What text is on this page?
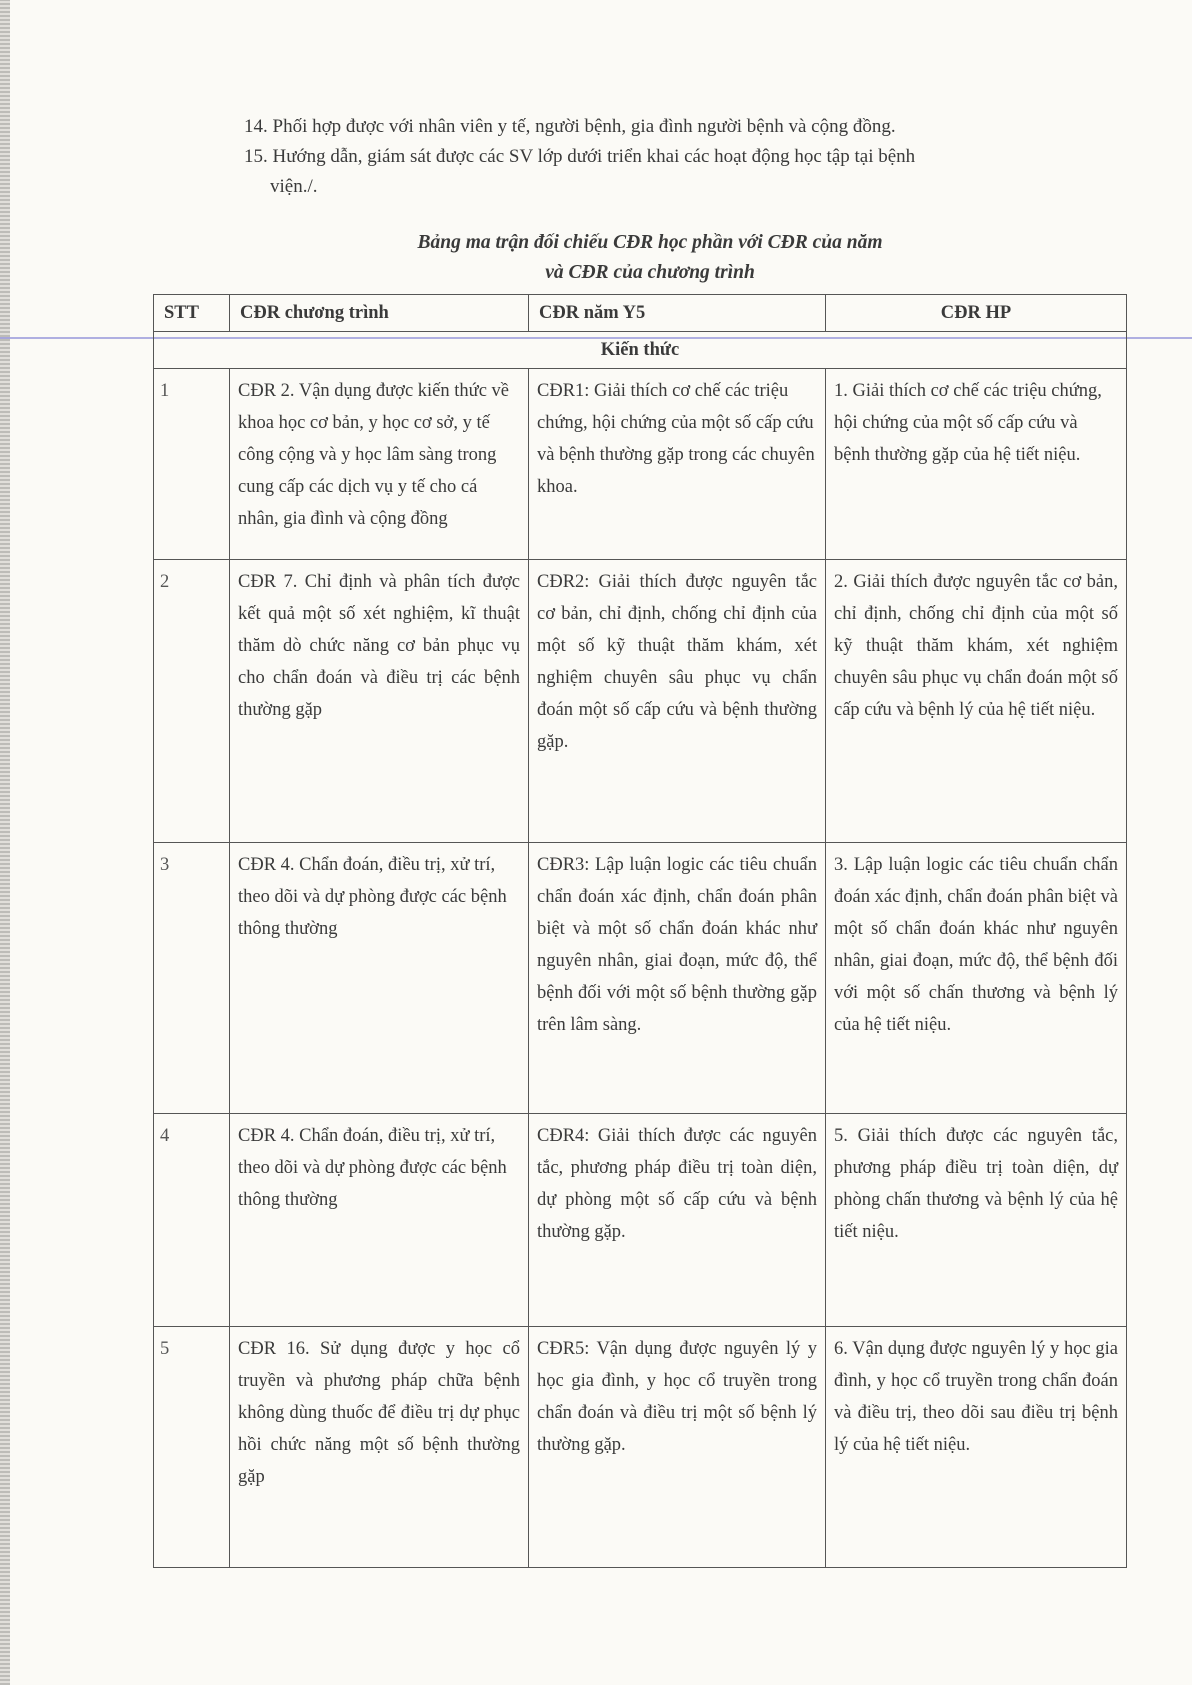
14. Phối hợp được với nhân viên y tế, người bệnh, gia đình người bệnh và cộng đồng.

15. Hướng dẫn, giám sát được các SV lớp dưới triển khai các hoạt động học tập tại bệnh

viện./.

Bảng ma trận đối chiếu CĐR học phần với CĐR của năm
và CĐR của chương trình
STT	CĐR chương trình	CĐR năm Y5	CĐR HP
Kiến thức			
1	CĐR 2. Vận dụng được kiến thức về khoa học cơ bản, y học cơ sở, y tế công cộng và y học lâm sàng trong cung cấp các dịch vụ y tế cho cá nhân, gia đình và cộng đồng	CĐR1: Giải thích cơ chế các triệu chứng, hội chứng của một số cấp cứu và bệnh thường gặp trong các chuyên khoa.	1. Giải thích cơ chế các triệu chứng, hội chứng của một số cấp cứu và bệnh thường gặp của hệ tiết niệu.
2	CĐR 7. Chỉ định và phân tích được kết quả một số xét nghiệm, kĩ thuật thăm dò chức năng cơ bản phục vụ cho chẩn đoán và điều trị các bệnh thường gặp	CĐR2: Giải thích được nguyên tắc cơ bản, chỉ định, chống chỉ định của một số kỹ thuật thăm khám, xét nghiệm chuyên sâu phục vụ chẩn đoán một số cấp cứu và bệnh thường gặp.	2. Giải thích được nguyên tắc cơ bản, chỉ định, chống chỉ định của một số kỹ thuật thăm khám, xét nghiệm chuyên sâu phục vụ chẩn đoán một số cấp cứu và bệnh lý của hệ tiết niệu.
3	CĐR 4. Chẩn đoán, điều trị, xử trí, theo dõi và dự phòng được các bệnh thông thường	CĐR3: Lập luận logic các tiêu chuẩn chẩn đoán xác định, chẩn đoán phân biệt và một số chẩn đoán khác như nguyên nhân, giai đoạn, mức độ, thể bệnh đối với một số bệnh thường gặp trên lâm sàng.	3. Lập luận logic các tiêu chuẩn chẩn đoán xác định, chẩn đoán phân biệt và một số chẩn đoán khác như nguyên nhân, giai đoạn, mức độ, thể bệnh đối với một số chấn thương và bệnh lý của hệ tiết niệu.
4	CĐR 4. Chẩn đoán, điều trị, xử trí, theo dõi và dự phòng được các bệnh thông thường	CĐR4: Giải thích được các nguyên tắc, phương pháp điều trị toàn diện, dự phòng một số cấp cứu và bệnh thường gặp.	5. Giải thích được các nguyên tắc, phương pháp điều trị toàn diện, dự phòng chấn thương và bệnh lý của hệ tiết niệu.
5	CĐR 16. Sử dụng được y học cổ truyền và phương pháp chữa bệnh không dùng thuốc để điều trị dự phục hồi chức năng một số bệnh thường gặp	CĐR5: Vận dụng được nguyên lý y học gia đình, y học cổ truyền trong chẩn đoán và điều trị một số bệnh lý thường gặp.	6. Vận dụng được nguyên lý y học gia đình, y học cổ truyền trong chẩn đoán và điều trị, theo dõi sau điều trị bệnh lý của hệ tiết niệu.
